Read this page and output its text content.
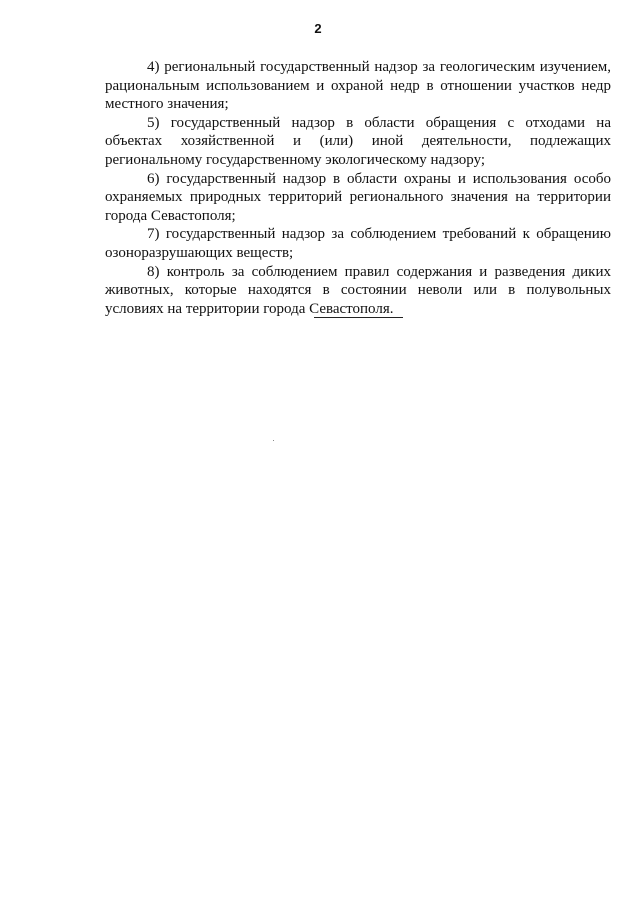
2

4) региональный государственный надзор за геологическим изучением, рациональным использованием и охраной недр в отношении участков недр местного значения;

5) государственный надзор в области обращения с отходами на объектах хозяйственной и (или) иной деятельности, подлежащих региональному государственному экологическому надзору;

6) государственный надзор в области охраны и использования особо охраняемых природных территорий регионального значения на территории города Севастополя;

7) государственный надзор за соблюдением требований к обращению озоноразрушающих веществ;

8) контроль за соблюдением правил содержания и разведения диких животных, которые находятся в состоянии неволи или в полувольных условиях на территории города Севастополя.
